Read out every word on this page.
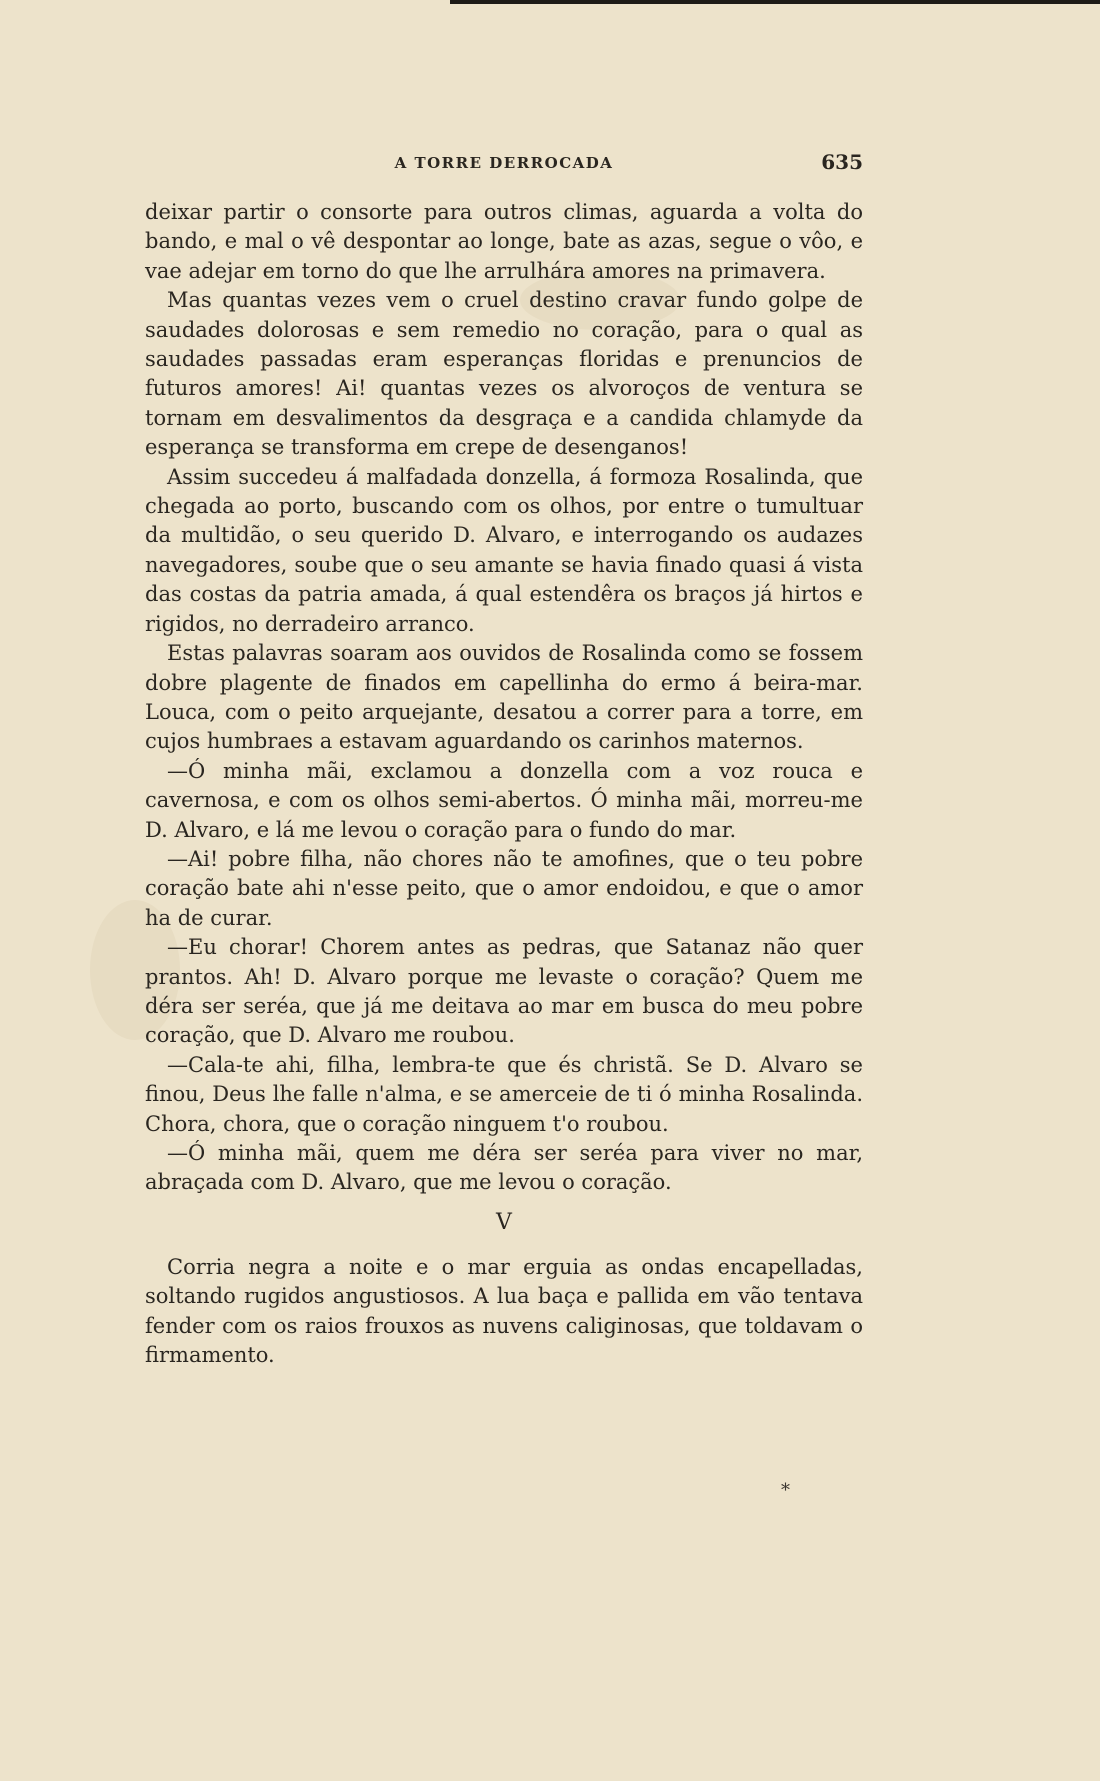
A TORRE DERROCADA	635

deixar partir o consorte para outros climas, aguarda a volta do bando, e mal o vê despontar ao longe, bate as azas, segue o vôo, e vae adejar em torno do que lhe arrulhára amores na primavera.

Mas quantas vezes vem o cruel destino cravar fundo golpe de saudades dolorosas e sem remedio no coração, para o qual as saudades passadas eram esperanças floridas e prenuncios de futuros amores! Ai! quantas vezes os alvoroços de ventura se tornam em desvalimentos da desgraça e a candida chlamyde da esperança se transforma em crepe de desenganos!

Assim succedeu á malfadada donzella, á formoza Rosalinda, que chegada ao porto, buscando com os olhos, por entre o tumultuar da multidão, o seu querido D. Alvaro, e interrogando os audazes navegadores, soube que o seu amante se havia finado quasi á vista das costas da patria amada, á qual estendêra os braços já hirtos e rigidos, no derradeiro arranco.

Estas palavras soaram aos ouvidos de Rosalinda como se fossem dobre plagente de finados em capellinha do ermo á beira-mar. Louca, com o peito arquejante, desatou a correr para a torre, em cujos humbraes a estavam aguardando os carinhos maternos.

—Ó minha mãi, exclamou a donzella com a voz rouca e cavernosa, e com os olhos semi-abertos. Ó minha mãi, morreu-me D. Alvaro, e lá me levou o coração para o fundo do mar.

—Ai! pobre filha, não chores não te amofines, que o teu pobre coração bate ahi n'esse peito, que o amor endoidou, e que o amor ha de curar.

—Eu chorar! Chorem antes as pedras, que Satanaz não quer prantos. Ah! D. Alvaro porque me levaste o coração? Quem me déra ser seréa, que já me deitava ao mar em busca do meu pobre coração, que D. Alvaro me roubou.

—Cala-te ahi, filha, lembra-te que és christã. Se D. Alvaro se finou, Deus lhe falle n'alma, e se amerceie de ti ó minha Rosalinda. Chora, chora, que o coração ninguem t'o roubou.

—Ó minha mãi, quem me déra ser seréa para viver no mar, abraçada com D. Alvaro, que me levou o coração.

V

Corria negra a noite e o mar erguia as ondas encapelladas, soltando rugidos angustiosos. A lua baça e pallida em vão tentava fender com os raios frouxos as nuvens caliginosas, que toldavam o firmamento.

*
